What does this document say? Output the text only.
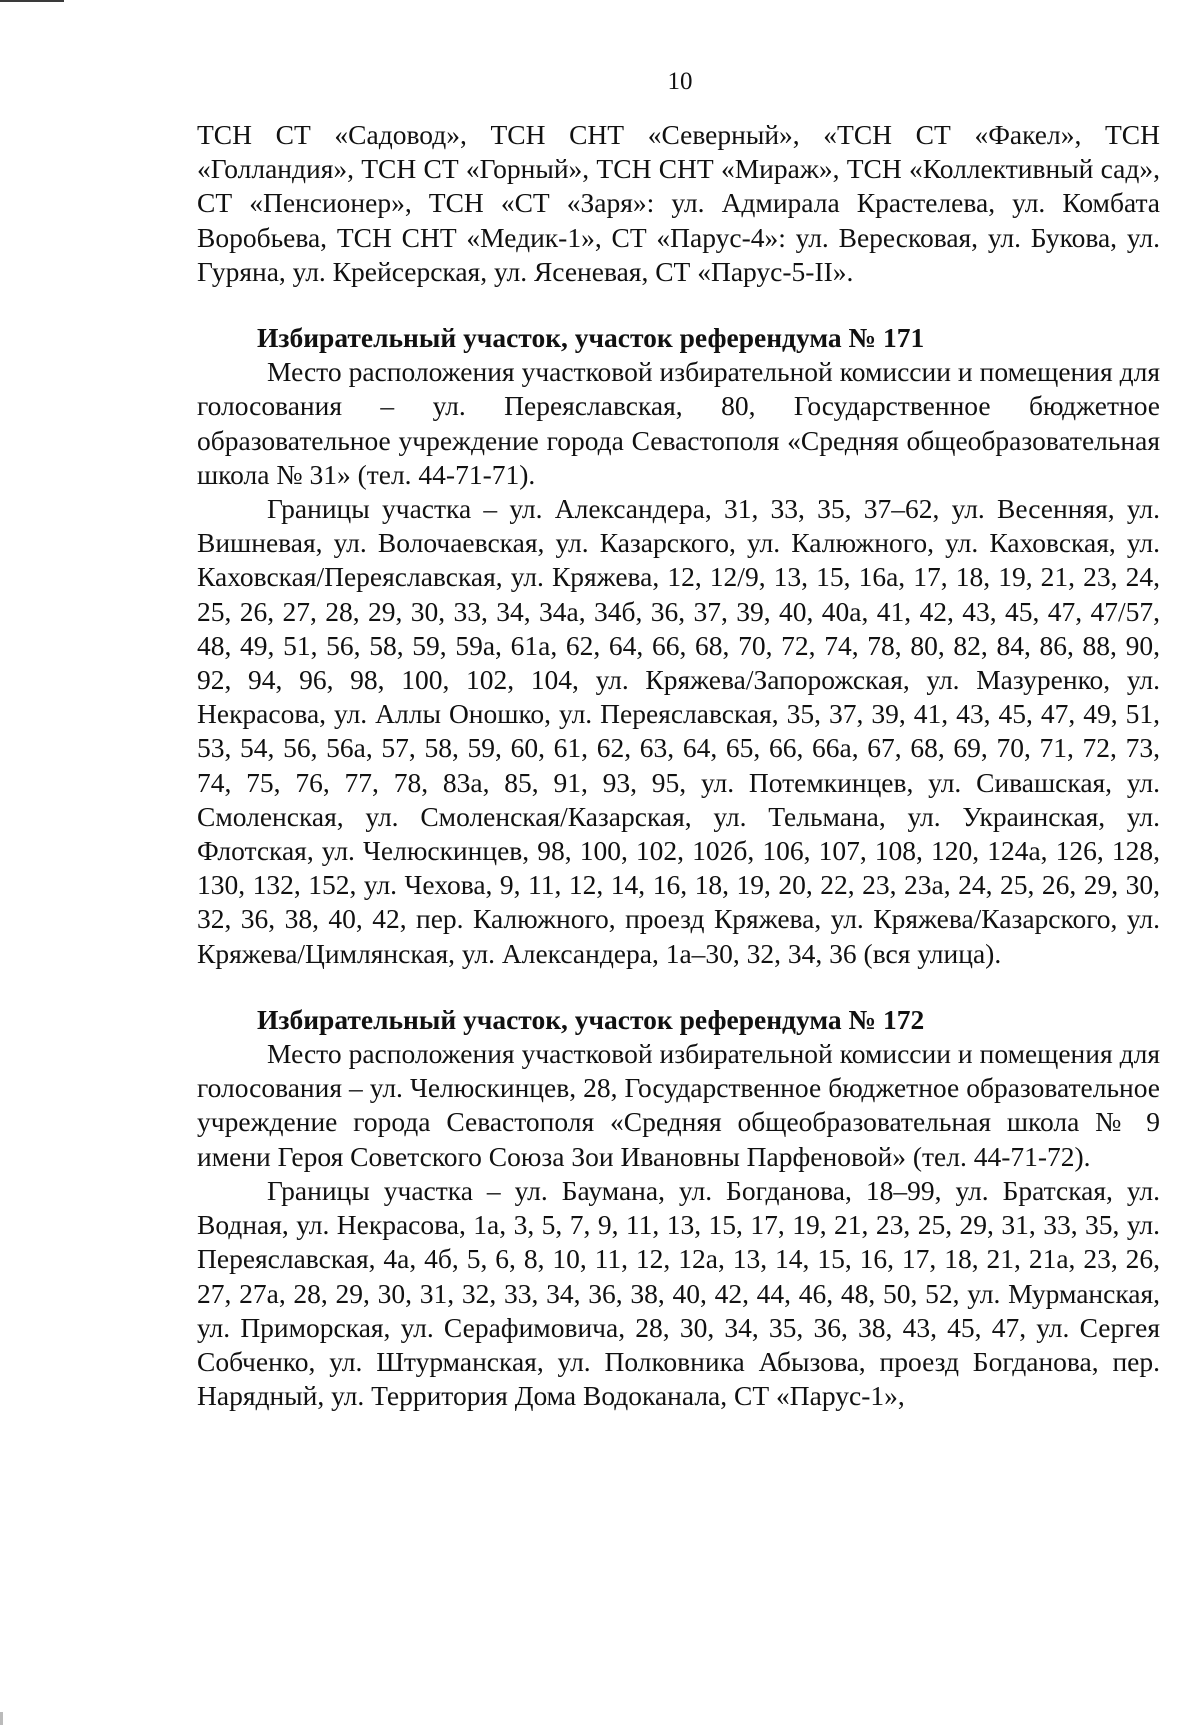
10

ТСН СТ «Садовод», ТСН СНТ «Северный», «ТСН СТ «Факел», ТСН «Голландия», ТСН СТ «Горный», ТСН СНТ «Мираж», ТСН «Коллективный сад», СТ «Пенсионер», ТСН «СТ «Заря»: ул. Адмирала Крастелева, ул. Комбата Воробьева, ТСН СНТ «Медик-1», СТ «Парус-4»: ул. Вересковая, ул. Букова, ул. Гуряна, ул. Крейсерская, ул. Ясеневая, СТ «Парус-5-II».

Избирательный участок, участок референдума № 171

Место расположения участковой избирательной комиссии и помещения для голосования – ул. Переяславская, 80, Государственное бюджетное образовательное учреждение города Севастополя «Средняя общеобразовательная школа № 31» (тел. 44-71-71).

Границы участка – ул. Александера, 31, 33, 35, 37–62, ул. Весенняя, ул. Вишневая, ул. Волочаевская, ул. Казарского, ул. Калюжного, ул. Каховская, ул. Каховская/Переяславская, ул. Кряжева, 12, 12/9, 13, 15, 16а, 17, 18, 19, 21, 23, 24, 25, 26, 27, 28, 29, 30, 33, 34, 34а, 34б, 36, 37, 39, 40, 40а, 41, 42, 43, 45, 47, 47/57, 48, 49, 51, 56, 58, 59, 59а, 61а, 62, 64, 66, 68, 70, 72, 74, 78, 80, 82, 84, 86, 88, 90, 92, 94, 96, 98, 100, 102, 104, ул. Кряжева/Запорожская, ул. Мазуренко, ул. Некрасова, ул. Аллы Оношко, ул. Переяславская, 35, 37, 39, 41, 43, 45, 47, 49, 51, 53, 54, 56, 56а, 57, 58, 59, 60, 61, 62, 63, 64, 65, 66, 66а, 67, 68, 69, 70, 71, 72, 73, 74, 75, 76, 77, 78, 83а, 85, 91, 93, 95, ул. Потемкинцев, ул. Сивашская, ул. Смоленская, ул. Смоленская/Казарская, ул. Тельмана, ул. Украинская, ул. Флотская, ул. Челюскинцев, 98, 100, 102, 102б, 106, 107, 108, 120, 124а, 126, 128, 130, 132, 152, ул. Чехова, 9, 11, 12, 14, 16, 18, 19, 20, 22, 23, 23а, 24, 25, 26, 29, 30, 32, 36, 38, 40, 42, пер. Калюжного, проезд Кряжева, ул. Кряжева/Казарского, ул. Кряжева/Цимлянская, ул. Александера, 1а–30, 32, 34, 36 (вся улица).

Избирательный участок, участок референдума № 172

Место расположения участковой избирательной комиссии и помещения для голосования – ул. Челюскинцев, 28, Государственное бюджетное образовательное учреждение города Севастополя «Средняя общеобразовательная школа № 9 имени Героя Советского Союза Зои Ивановны Парфеновой» (тел. 44-71-72).

Границы участка – ул. Баумана, ул. Богданова, 18–99, ул. Братская, ул. Водная, ул. Некрасова, 1а, 3, 5, 7, 9, 11, 13, 15, 17, 19, 21, 23, 25, 29, 31, 33, 35, ул. Переяславская, 4а, 4б, 5, 6, 8, 10, 11, 12, 12а, 13, 14, 15, 16, 17, 18, 21, 21а, 23, 26, 27, 27а, 28, 29, 30, 31, 32, 33, 34, 36, 38, 40, 42, 44, 46, 48, 50, 52, ул. Мурманская, ул. Приморская, ул. Серафимовича, 28, 30, 34, 35, 36, 38, 43, 45, 47, ул. Сергея Собченко, ул. Штурманская, ул. Полковника Абызова, проезд Богданова, пер. Нарядный, ул. Территория Дома Водоканала, СТ «Парус-1»,
